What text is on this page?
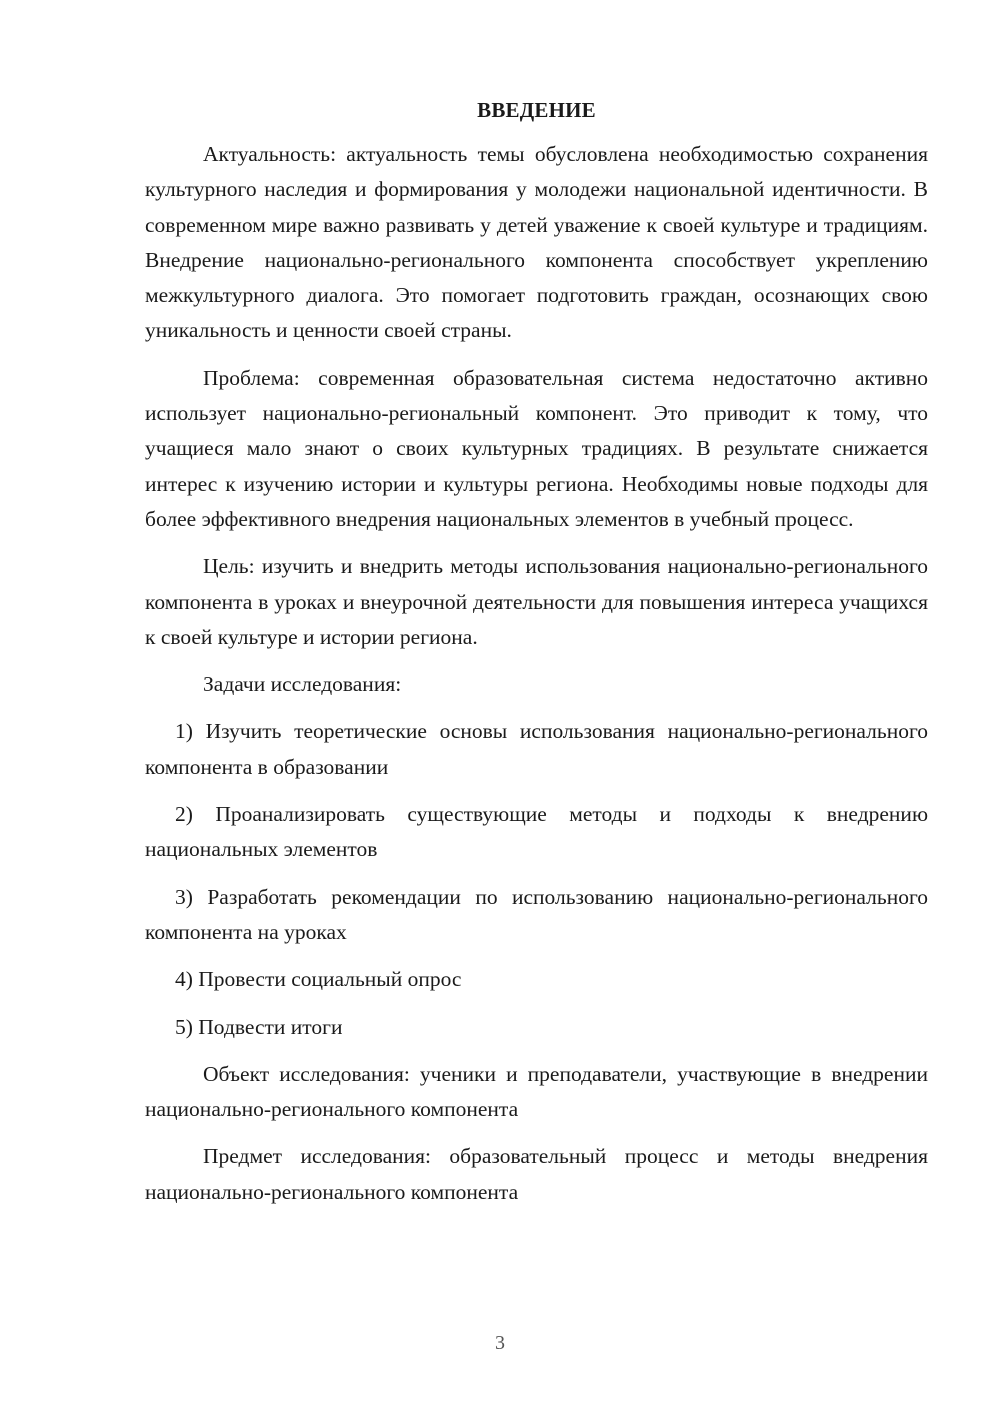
ВВЕДЕНИЕ

Актуальность: актуальность темы обусловлена необходимостью сохранения культурного наследия и формирования у молодежи национальной идентичности. В современном мире важно развивать у детей уважение к своей культуре и традициям. Внедрение национально-регионального компонента способствует укреплению межкультурного диалога. Это помогает подготовить граждан, осознающих свою уникальность и ценности своей страны.

Проблема: современная образовательная система недостаточно активно использует национально-региональный компонент. Это приводит к тому, что учащиеся мало знают о своих культурных традициях. В результате снижается интерес к изучению истории и культуры региона. Необходимы новые подходы для более эффективного внедрения национальных элементов в учебный процесс.

Цель: изучить и внедрить методы использования национально-регионального компонента в уроках и внеурочной деятельности для повышения интереса учащихся к своей культуре и истории региона.

Задачи исследования:

1) Изучить теоретические основы использования национально-регионального компонента в образовании

2) Проанализировать существующие методы и подходы к внедрению национальных элементов

3) Разработать рекомендации по использованию национально-регионального компонента на уроках

4) Провести социальный опрос

5) Подвести итоги

Объект исследования: ученики и преподаватели, участвующие в внедрении национально-регионального компонента

Предмет исследования: образовательный процесс и методы внедрения национально-регионального компонента

3
